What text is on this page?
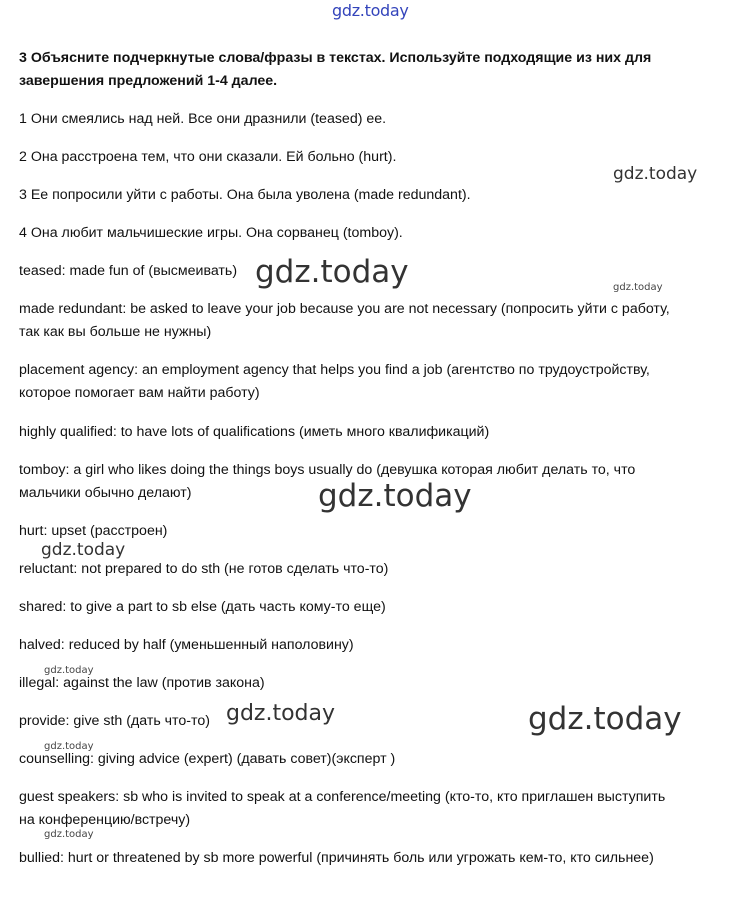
gdz.today
gdz.today
gdz.today	gdz.today
gdz.today
gdz.today
gdz.today
gdz.today	gdz.today
gdz.today
gdz.today
3 Объясните подчеркнутые слова/фразы в текстах. Используйте подходящие из них для
завершения предложений 1-4 далее.
1 Они смеялись над ней. Все они дразнили (teased) ее.
2 Она расстроена тем, что они сказали. Ей больно (hurt).
3 Ее попросили уйти с работы. Она была уволена (made redundant).
4 Она любит мальчишеские игры. Она сорванец (tomboy).
teased: made fun of (высмеивать)
made redundant: be asked to leave your job because you are not necessary (попросить уйти с работу,
так как вы больше не нужны)
placement agency: an employment agency that helps you find a job (агентство по трудоустройству,
которое помогает вам найти работу)
highly qualified: to have lots of qualifications (иметь много квалификаций)
tomboy: a girl who likes doing the things boys usually do (девушка которая любит делать то, что
мальчики обычно делают)
hurt: upset (расстроен)
reluctant: not prepared to do sth (не готов сделать что-то)
shared: to give a part to sb else (дать часть кому-то еще)
halved: reduced by half (уменьшенный наполовину)
illegal: against the law (против закона)
provide: give sth (дать что-то)
counselling: giving advice (expert) (давать совет)(эксперт )
guest speakers: sb who is invited to speak at a conference/meeting (кто-то, кто приглашен выступить
на конференцию/встречу)
bullied: hurt or threatened by sb more powerful (причинять боль или угрожать кем-то, кто сильнее)
